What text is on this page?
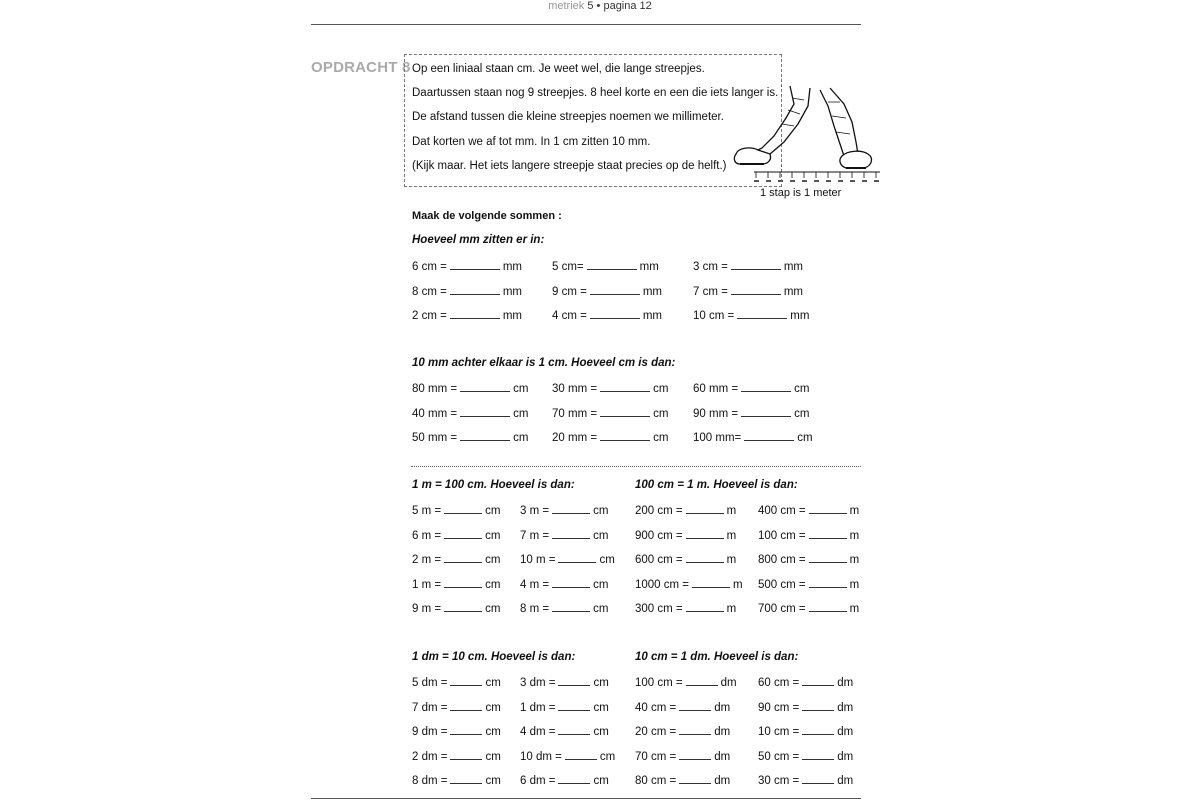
metriek 5 • pagina 12
OPDRACHT 8 Op een liniaal staan cm. Je weet wel, die lange streepjes.
Daartussen staan nog 9 streepjes. 8 heel korte en een die iets langer is.
De afstand tussen die kleine streepjes noemen we millimeter.
Dat korten we af tot mm. In 1 cm zitten 10 mm.
(Kijk maar. Het iets langere streepje staat precies op de helft.)
1 stap is 1 meter
Maak de volgende sommen :
Hoeveel mm zitten er in:
6 cm =	mm	5 cm=	mm	3 cm =	mm
8 cm =	mm	9 cm =	mm	7 cm =	mm
2 cm =	mm	4 cm =	mm	10 cm =	mm
10 mm achter elkaar is 1 cm. Hoeveel cm is dan:
80 mm =	cm 30 mm =	cm 60 mm =	cm
40 mm =	cm 70 mm =	cm 90 mm =	cm
50 mm =	cm 20 mm =	cm 100 mm=	cm
1 m = 100 cm. Hoeveel is dan:	100 cm = 1 m. Hoeveel is dan:
5 m =	cm 3 m =	cm 200 cm =	m 400 cm =	m
6 m =	cm 7 m =	cm 900 cm =	m 100 cm =	m
2 m =	cm 10 m =	cm 600 cm =	m 800 cm =	m
1 m =	cm 4 m =	cm 1000 cm =	m 500 cm =	m
9 m =	cm 8 m =	cm 300 cm =	m 700 cm =	m
1 dm = 10 cm. Hoeveel is dan:	10 cm = 1 dm. Hoeveel is dan:
5 dm =	cm 3 dm =	cm 100 cm =	dm 60 cm =	dm
7 dm =	cm 1 dm =	cm 40 cm =	dm 90 cm =	dm
9 dm =	cm 4 dm =	cm 20 cm =	dm 10 cm =	dm
2 dm =	cm 10 dm =	cm 70 cm =	dm 50 cm =	dm
8 dm =	cm 6 dm =	cm 80 cm =	dm 30 cm =	dm
